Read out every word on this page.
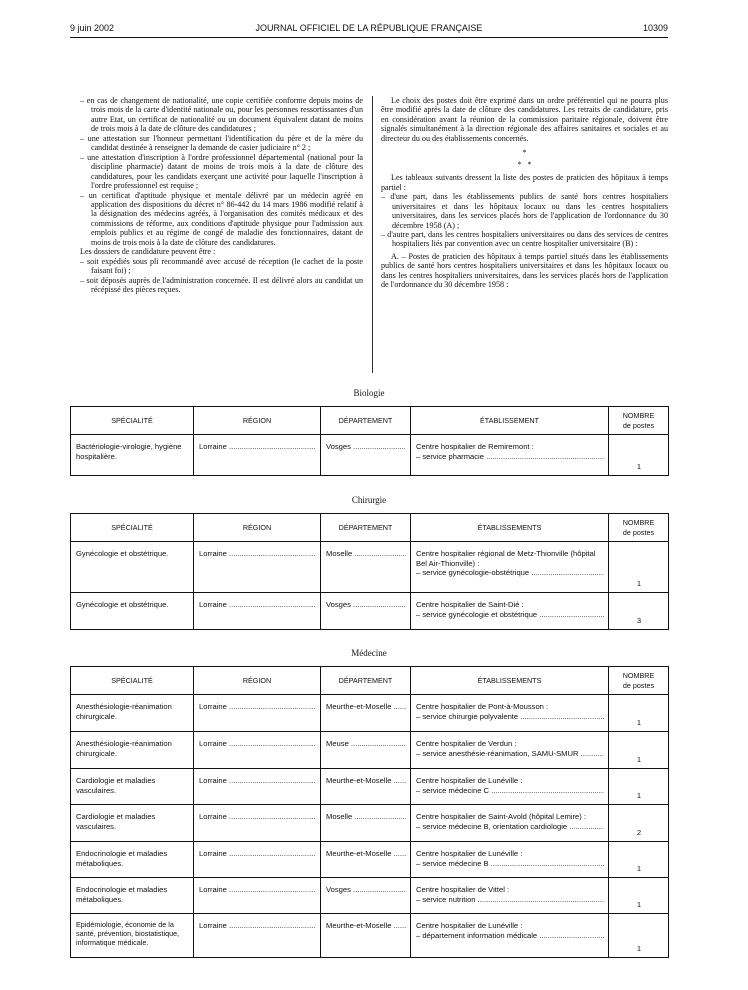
9 juin 2002	JOURNAL OFFICIEL DE LA RÉPUBLIQUE FRANÇAISE	10309

– en cas de changement de nationalité, une copie certifiée conforme depuis moins de trois mois de la carte d'identité nationale ou, pour les personnes ressortissantes d'un autre Etat, un certificat de nationalité ou un document équivalent datant de moins de trois mois à la date de clôture des candidatures ;

– une attestation sur l'honneur permettant l'identification du père et de la mère du candidat destinée à renseigner la demande de casier judiciaire n° 2 ;

– une attestation d'inscription à l'ordre professionnel départemental (national pour la discipline pharmacie) datant de moins de trois mois à la date de clôture des candidatures, pour les candidats exerçant une activité pour laquelle l'inscription à l'ordre professionnel est requise ;

– un certificat d'aptitude physique et mentale délivré par un médecin agréé en application des dispositions du décret n° 86-442 du 14 mars 1986 modifié relatif à la désignation des médecins agréés, à l'organisation des comités médicaux et des commissions de réforme, aux conditions d'aptitude physique pour l'admission aux emplois publics et au régime de congé de maladie des fonctionnaires, datant de moins de trois mois à la date de clôture des candidatures.

Les dossiers de candidature peuvent être :

– soit expédiés sous pli recommandé avec accusé de réception (le cachet de la poste faisant foi) ;

– soit déposés auprès de l'administration concernée. Il est délivré alors au candidat un récépissé des pièces reçues.

Le choix des postes doit être exprimé dans un ordre préférentiel qui ne pourra plus être modifié après la date de clôture des candidatures. Les retraits de candidature, pris en considération avant la réunion de la commission paritaire régionale, doivent être signalés simultanément à la direction régionale des affaires sanitaires et sociales et au directeur du ou des établissements concernés.

*
*   *

Les tableaux suivants dressent la liste des postes de praticien des hôpitaux à temps partiel :

– d'une part, dans les établissements publics de santé hors centres hospitaliers universitaires et dans les hôpitaux locaux ou dans les centres hospitaliers universitaires, dans les services placés hors de l'application de l'ordonnance du 30 décembre 1958 (A) ;

– d'autre part, dans les centres hospitaliers universitaires ou dans des services de centres hospitaliers liés par convention avec un centre hospitalier universitaire (B) :

A. – Postes de praticien des hôpitaux à temps partiel situés dans les établissements publics de santé hors centres hospitaliers universitaires et dans les hôpitaux locaux ou dans les centres hospitaliers universitaires, dans les services placés hors de l'application de l'ordonnance du 30 décembre 1958 :

Biologie
SPÉCIALITÉ	RÉGION	DÉPARTEMENT	ÉTABLISSEMENT	NOMBRE
de postes
Bactériologie-virologie, hygiène hospitalière.	Lorraine .....	Vosges .....	Centre hospitalier de Remiremont :
– service pharmacie .....	1
Chirurgie
SPÉCIALITÉ	RÉGION	DÉPARTEMENT	ÉTABLISSEMENTS	NOMBRE
de postes
Gynécologie et obstétrique.	Lorraine .....	Moselle .....	Centre hospitalier régional de Metz-Thionville (hôpital Bel Air-Thionville) :
– service gynécologie-obstétrique .....	1
Gynécologie et obstétrique.	Lorraine .....	Vosges .....	Centre hospitalier de Saint-Dié :
– service gynécologie et obstétrique .....	3
Médecine
SPÉCIALITÉ	RÉGION	DÉPARTEMENT	ÉTABLISSEMENTS	NOMBRE
de postes
Anesthésiologie-réanimation chirurgicale.	Lorraine .....	Meurthe-et-Moselle .....	Centre hospitalier de Pont-à-Mousson :
– service chirurgie polyvalente .....	1
Anesthésiologie-réanimation chirurgicale.	Lorraine .....	Meuse .....	Centre hospitalier de Verdun :
– service anesthésie-réanimation, SAMU-SMUR .....	1
Cardiologie et maladies vasculaires.	Lorraine .....	Meurthe-et-Moselle .....	Centre hospitalier de Lunéville :
– service médecine C .....	1
Cardiologie et maladies vasculaires.	Lorraine .....	Moselle .....	Centre hospitalier de Saint-Avold (hôpital Lemire) :
– service médecine B, orientation cardiologie .....	2
Endocrinologie et maladies métaboliques.	Lorraine .....	Meurthe-et-Moselle .....	Centre hospitalier de Lunéville :
– service médecine B .....	1
Endocrinologie et maladies métaboliques.	Lorraine .....	Vosges .....	Centre hospitalier de Vittel :
– service nutrition .....	1
Epidémiologie, économie de la santé, prévention, biostatistique, informatique médicale.	Lorraine .....	Meurthe-et-Moselle .....	Centre hospitalier de Lunéville :
– département information médicale .....	1
